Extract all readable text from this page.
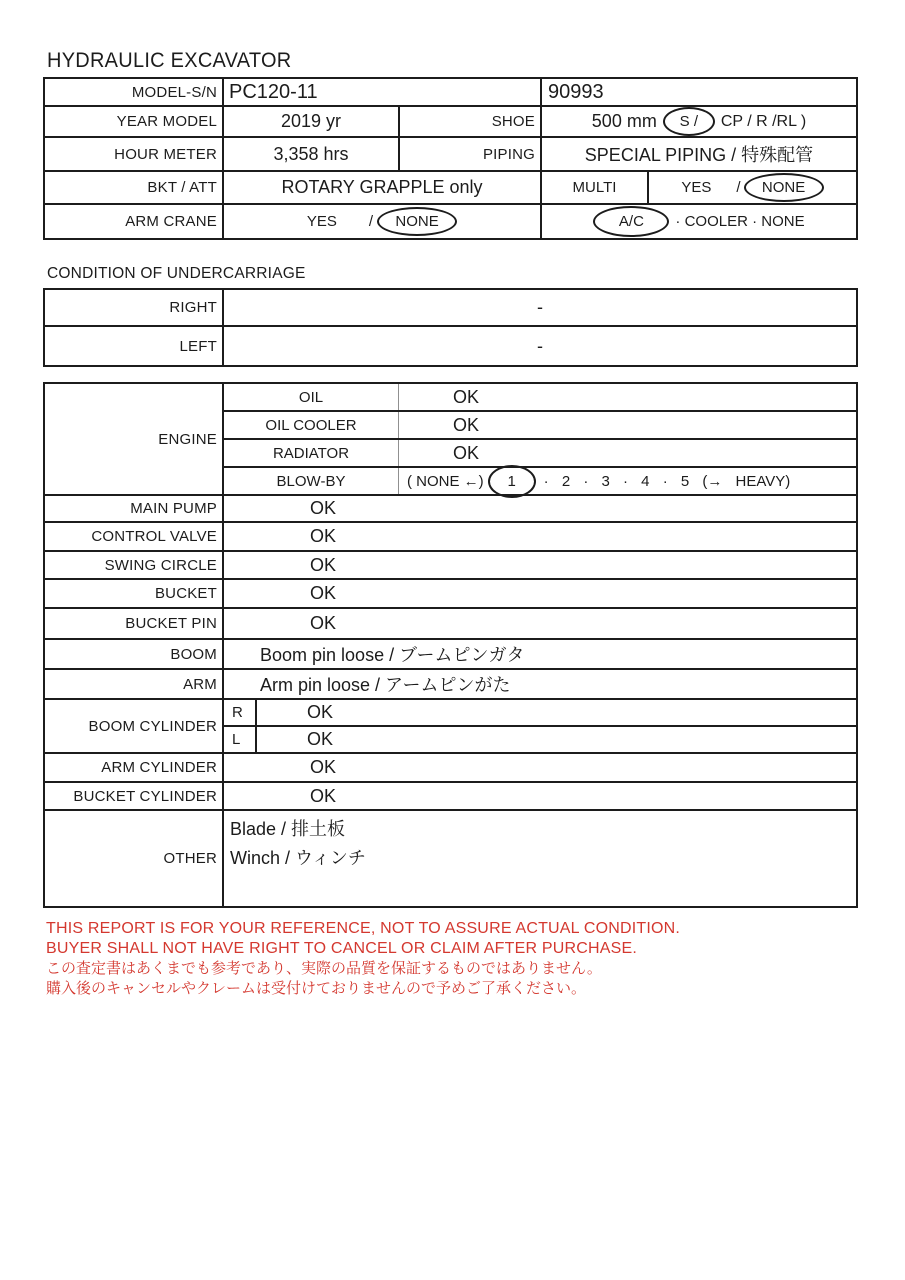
HYDRAULIC EXCAVATOR
MODEL-S/N PC120-11	90993
YEAR MODEL	2019 yr	SHOE	500 mm	S /	CP / R /RL )
HOUR METER	3,358 hrs	PIPING	SPECIAL PIPING / 特殊配管
BKT / ATT	ROTARY GRAPPLE only	MULTI	YES /	NONE
ARM CRANE	YES /	NONE	A/C	· COOLER · NONE
CONDITION OF UNDERCARRIAGE
RIGHT	-
LEFT	-
ENGINE
OIL	OK
OIL COOLER	OK
RADIATOR	OK
BLOW-BY	( NONE ←)	1	· 2 · 3 · 4 · 5 (→ HEAVY)
MAIN PUMP	OK
CONTROL VALVE	OK
SWING CIRCLE	OK
BUCKET	OK
BUCKET PIN	OK
BOOM	Boom pin loose / ブームピンガタ
ARM	Arm pin loose / アームピンがた
BOOM CYLINDER
R	OK
L	OK
ARM CYLINDER	OK
BUCKET CYLINDER	OK
OTHER
Blade / 排土板
Winch / ウィンチ
THIS REPORT IS FOR YOUR REFERENCE, NOT TO ASSURE ACTUAL CONDITION.
BUYER SHALL NOT HAVE RIGHT TO CANCEL OR CLAIM AFTER PURCHASE.
この査定書はあくまでも参考であり、実際の品質を保証するものではありません。
購入後のキャンセルやクレームは受付けておりませんので予めご了承ください。
